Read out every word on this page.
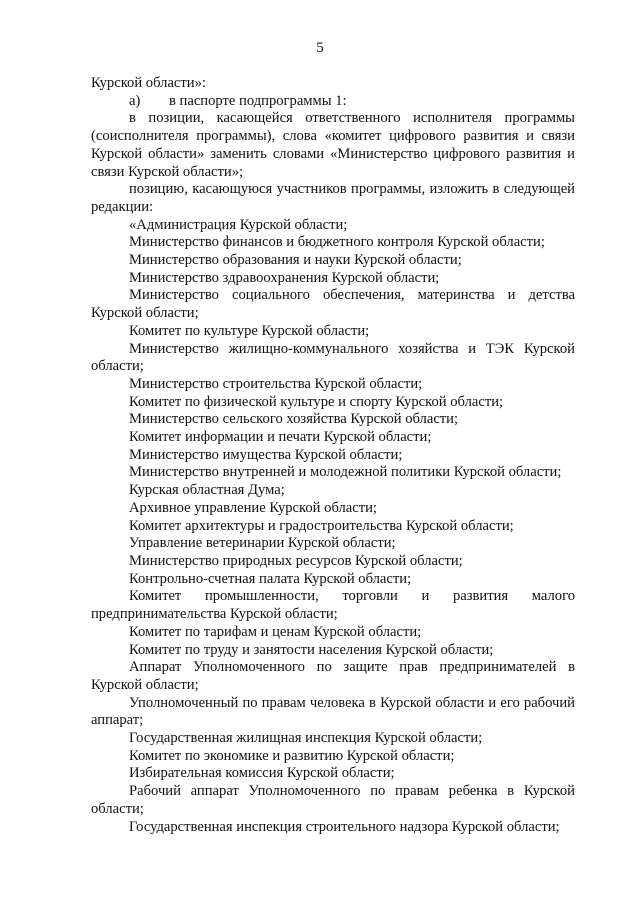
5

Курской области»:

а) в паспорте подпрограммы 1:

в позиции, касающейся ответственного исполнителя программы (соисполнителя программы), слова «комитет цифрового развития и связи Курской области» заменить словами «Министерство цифрового развития и связи Курской области»;

позицию, касающуюся участников программы, изложить в следующей редакции:

«Администрация Курской области;

Министерство финансов и бюджетного контроля Курской области;

Министерство образования и науки Курской области;

Министерство здравоохранения Курской области;

Министерство социального обеспечения, материнства и детства Курской области;

Комитет по культуре Курской области;

Министерство жилищно-коммунального хозяйства и ТЭК Курской области;

Министерство строительства Курской области;

Комитет по физической культуре и спорту Курской области;

Министерство сельского хозяйства Курской области;

Комитет информации и печати Курской области;

Министерство имущества Курской области;

Министерство внутренней и молодежной политики Курской области;

Курская областная Дума;

Архивное управление Курской области;

Комитет архитектуры и градостроительства Курской области;

Управление ветеринарии Курской области;

Министерство природных ресурсов Курской области;

Контрольно-счетная палата Курской области;

Комитет промышленности, торговли и развития малого предпринимательства Курской области;

Комитет по тарифам и ценам Курской области;

Комитет по труду и занятости населения Курской области;

Аппарат Уполномоченного по защите прав предпринимателей в Курской области;

Уполномоченный по правам человека в Курской области и его рабочий аппарат;

Государственная жилищная инспекция Курской области;

Комитет по экономике и развитию Курской области;

Избирательная комиссия Курской области;

Рабочий аппарат Уполномоченного по правам ребенка в Курской области;

Государственная инспекция строительного надзора Курской области;
